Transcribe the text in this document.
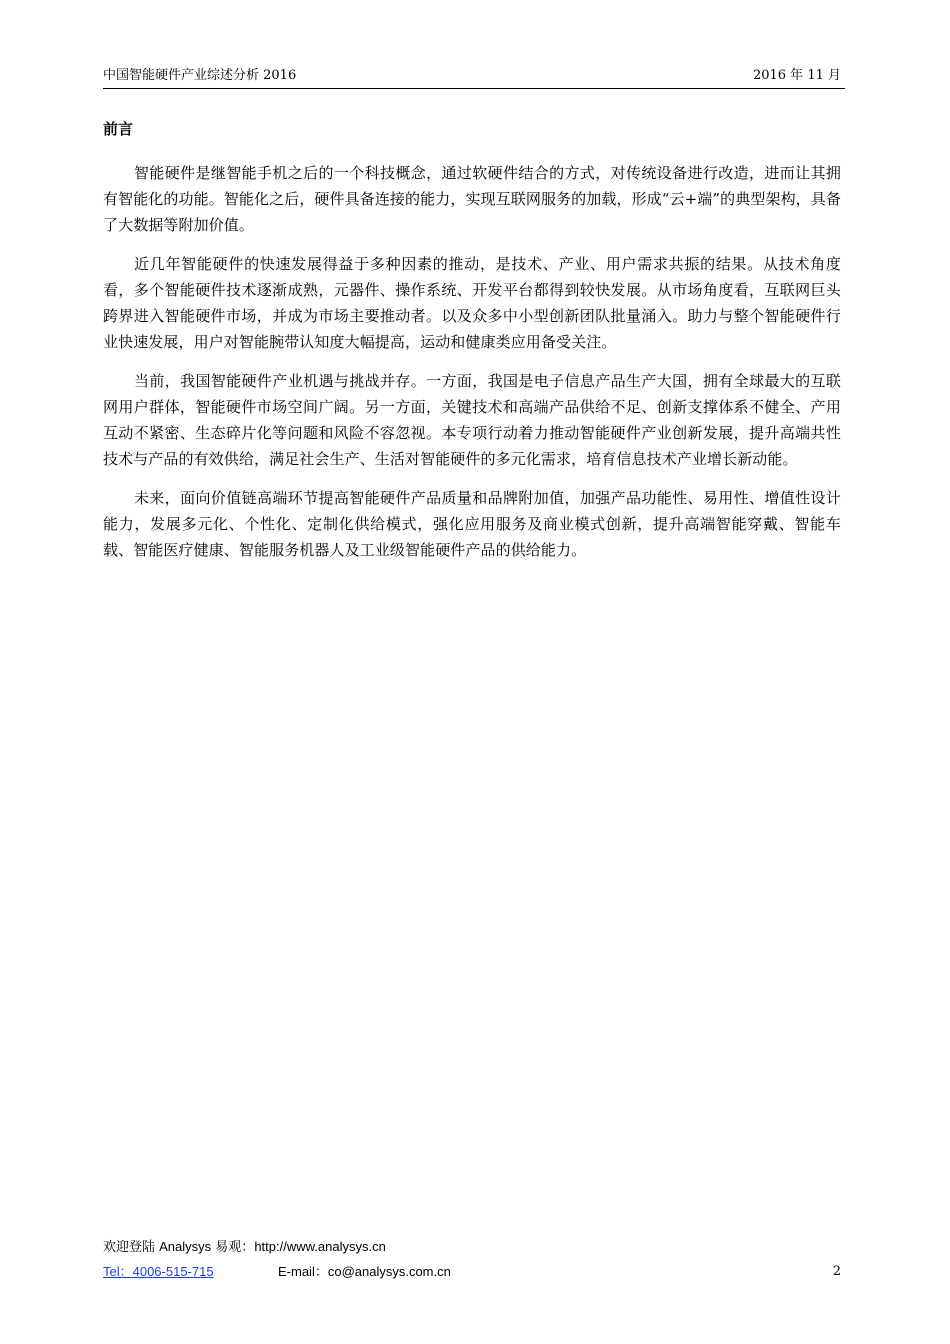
中国智能硬件产业综述分析 2016	2016 年 11 月
前言

智能硬件是继智能手机之后的一个科技概念，通过软硬件结合的方式，对传统设备进行改造，进而让其拥有智能化的功能。智能化之后，硬件具备连接的能力，实现互联网服务的加载，形成“云+端”的典型架构，具备了大数据等附加价值。

近几年智能硬件的快速发展得益于多种因素的推动，是技术、产业、用户需求共振的结果。从技术角度看，多个智能硬件技术逐渐成熟，元器件、操作系统、开发平台都得到较快发展。从市场角度看，互联网巨头跨界进入智能硬件市场，并成为市场主要推动者。以及众多中小型创新团队批量涌入。助力与整个智能硬件行业快速发展，用户对智能腕带认知度大幅提高，运动和健康类应用备受关注。

当前，我国智能硬件产业机遇与挑战并存。一方面，我国是电子信息产品生产大国，拥有全球最大的互联网用户群体，智能硬件市场空间广阔。另一方面，关键技术和高端产品供给不足、创新支撑体系不健全、产用互动不紧密、生态碎片化等问题和风险不容忽视。本专项行动着力推动智能硬件产业创新发展，提升高端共性技术与产品的有效供给，满足社会生产、生活对智能硬件的多元化需求，培育信息技术产业增长新动能。

未来，面向价值链高端环节提高智能硬件产品质量和品牌附加值，加强产品功能性、易用性、增值性设计能力，发展多元化、个性化、定制化供给模式，强化应用服务及商业模式创新，提升高端智能穿戴、智能车载、智能医疗健康、智能服务机器人及工业级智能硬件产品的供给能力。

欢迎登陆 Analysys 易观：http://www.analysys.cn
Tel：4006-515-715	E-mail：co@analysys.com.cn	2
